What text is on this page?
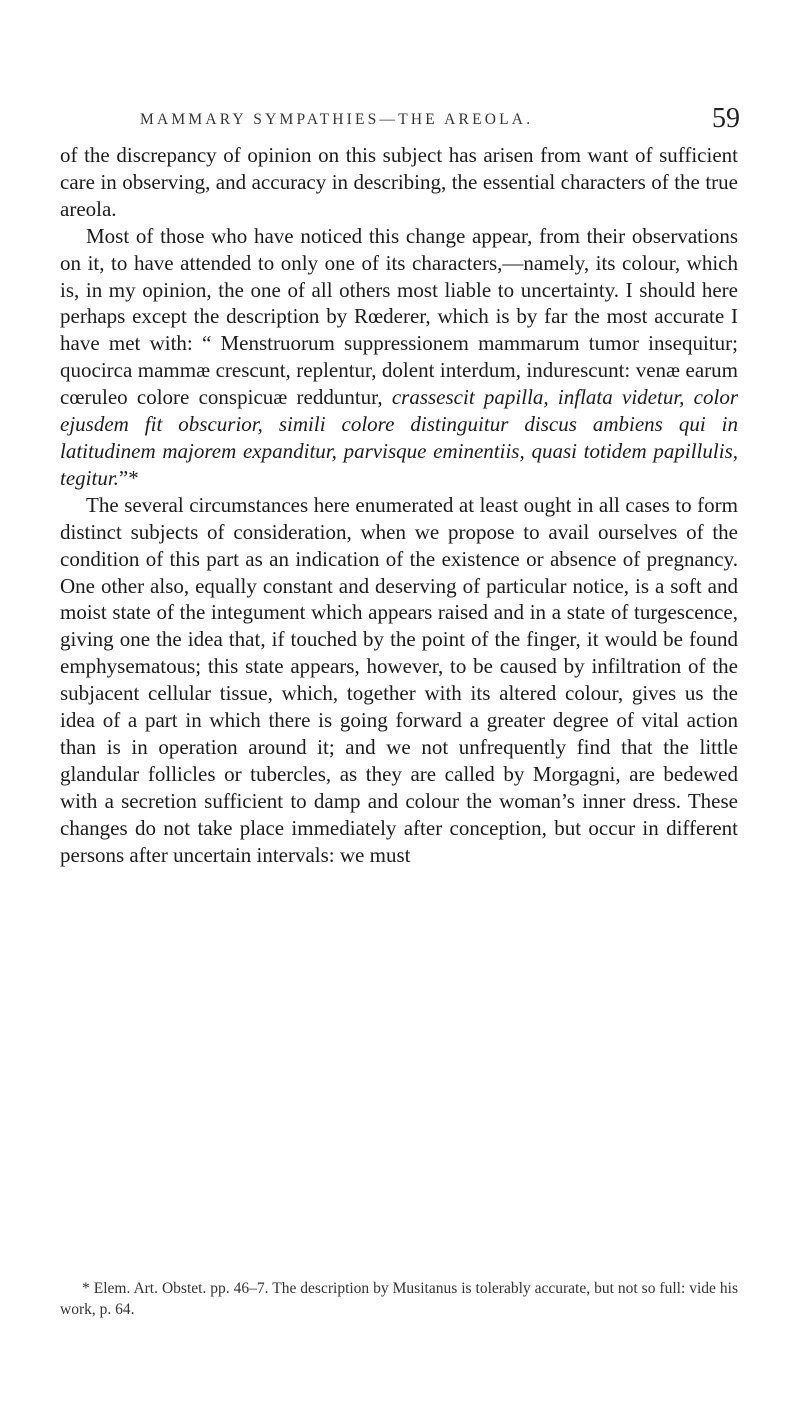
MAMMARY SYMPATHIES—THE AREOLA.	59

of the discrepancy of opinion on this subject has arisen from want of sufficient care in observing, and accuracy in describing, the essential characters of the true areola.

Most of those who have noticed this change appear, from their observations on it, to have attended to only one of its characters,—namely, its colour, which is, in my opinion, the one of all others most liable to uncertainty. I should here perhaps except the description by Rœderer, which is by far the most accurate I have met with: “ Menstruorum suppressionem mammarum tumor insequitur; quocirca mammæ crescunt, replentur, dolent interdum, indurescunt: venæ earum cœruleo colore conspicuæ redduntur, crassescit papilla, inflata videtur, color ejusdem fit obscurior, simili colore distinguitur discus ambiens qui in latitudinem majorem expanditur, parvisque eminentiis, quasi totidem papillulis, tegitur.”*

The several circumstances here enumerated at least ought in all cases to form distinct subjects of consideration, when we propose to avail ourselves of the condition of this part as an indication of the existence or absence of pregnancy. One other also, equally constant and deserving of particular notice, is a soft and moist state of the integument which appears raised and in a state of turgescence, giving one the idea that, if touched by the point of the finger, it would be found emphysematous; this state appears, however, to be caused by infiltration of the subjacent cellular tissue, which, together with its altered colour, gives us the idea of a part in which there is going forward a greater degree of vital action than is in operation around it; and we not unfrequently find that the little glandular follicles or tubercles, as they are called by Morgagni, are bedewed with a secretion sufficient to damp and colour the woman’s inner dress. These changes do not take place immediately after conception, but occur in different persons after uncertain intervals: we must

* Elem. Art. Obstet. pp. 46–7. The description by Musitanus is tolerably accurate, but not so full: vide his work, p. 64.
